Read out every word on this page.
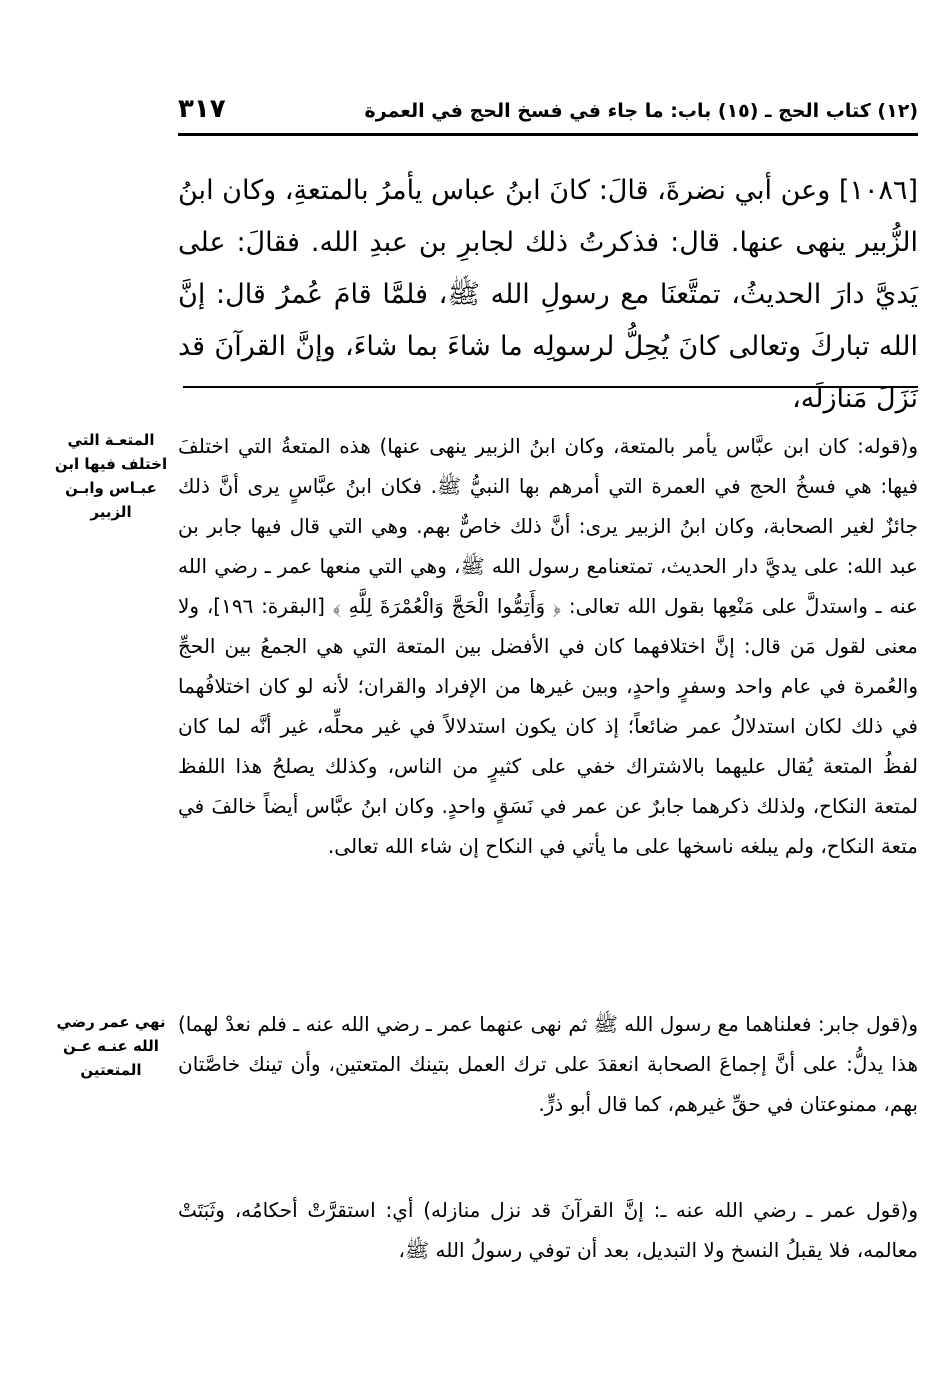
(١٢) كتاب الحج ـ (١٥) باب: ما جاء في فسخ الحج في العمرة
٣١٧
[١٠٨٦] وعن أبي نضرةَ، قالَ: كانَ ابنُ عباس يأمرُ بالمتعةِ، وكان ابنُ الزُّبير ينهى عنها. قال: فذكرتُ ذلك لجابرِ بن عبدِ الله. فقالَ: على يَديَّ دارَ الحديثُ، تمتَّعنَا مع رسولِ الله ﷺ، فلمَّا قامَ عُمرُ قال: إنَّ الله تباركَ وتعالى كانَ يُحِلُّ لرسولِه ما شاءَ بما شاءَ، وإنَّ القرآنَ قد نَزَلَ مَنازلَه،

و(قوله: كان ابن عبَّاس يأمر بالمتعة، وكان ابنُ الزبير ينهى عنها) هذه المتعةُ التي اختلفَ فيها: هي فسخُ الحج في العمرة التي أمرهم بها النبيُّ ﷺ. فكان ابنُ عبَّاسٍ يرى أنَّ ذلك جائزٌ لغير الصحابة، وكان ابنُ الزبير يرى: أنَّ ذلك خاصٌّ بهم. وهي التي قال فيها جابر بن عبد الله: على يديَّ دار الحديث، تمتعنامع رسول الله ﷺ، وهي التي منعها عمر ـ رضي الله عنه ـ واستدلَّ على مَنْعِها بقول الله تعالى: ﴿ وَأَتِمُّوا الْحَجَّ وَالْعُمْرَةَ لِلَّهِ ﴾ [البقرة: ١٩٦]، ولا معنى لقول مَن قال: إنَّ اختلافهما كان في الأفضل بين المتعة التي هي الجمعُ بين الحجِّ والعُمرة في عام واحد وسفرٍ واحدٍ، وبين غيرها من الإفراد والقران؛ لأنه لو كان اختلافُهما في ذلك لكان استدلالُ عمر ضائعاً؛ إذ كان يكون استدلالاً في غير محلِّه، غير أنَّه لما كان لفظُ المتعة يُقال عليهما بالاشتراك خفي على كثيرٍ من الناس، وكذلك يصلحُ هذا اللفظ لمتعة النكاح، ولذلك ذكرهما جابرٌ عن عمر في نَسَقٍ واحدٍ. وكان ابنُ عبَّاس أيضاً خالفَ في متعة النكاح، ولم يبلغه ناسخها على ما يأتي في النكاح إن شاء الله تعالى.

و(قول جابر: فعلناهما مع رسول الله ﷺ ثم نهى عنهما عمر ـ رضي الله عنه ـ فلم نعدْ لهما) هذا يدلُّ: على أنَّ إجماعَ الصحابة انعقدَ على ترك العمل بتينك المتعتين، وأن تينك خاصَّتان بهم، ممنوعتان في حقِّ غيرهم، كما قال أبو ذرٍّ.

و(قول عمر ـ رضي الله عنه ـ: إنَّ القرآنَ قد نزل منازله) أي: استقرَّتْ أحكامُه، وثَبَتَتْ معالمه، فلا يقبلُ النسخ ولا التبديل، بعد أن توفي رسولُ الله ﷺ،

المتعـة التي اختلف فيها ابن عبـاس وابـن الزبير
نهي عمر رضي الله عنـه عـن المتعتين
